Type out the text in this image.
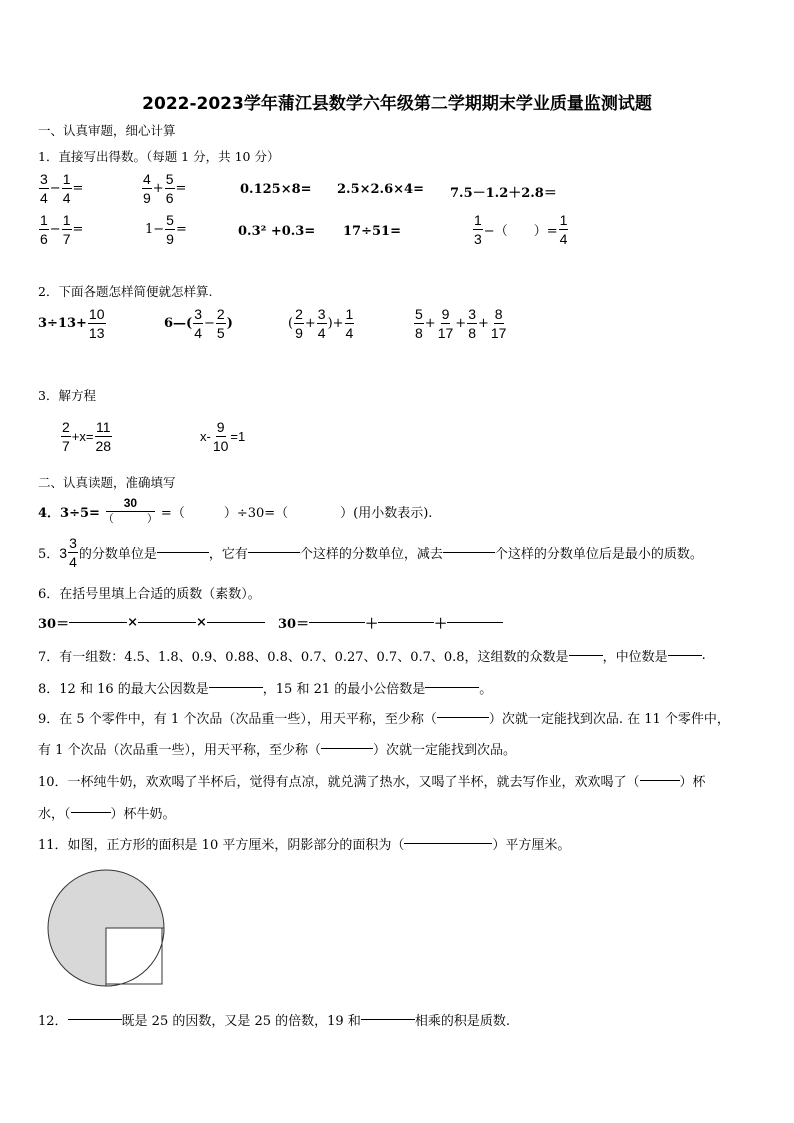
2022-2023学年蒲江县数学六年级第二学期期末学业质量监测试题
一、认真审题，细心计算
1．直接写出得数。（每题 1 分，共 10 分）
$\frac{3}{4} - \frac{1}{4}$ =	$\frac{4}{9} + \frac{5}{6}$ =	0.125×8= 2.5×2.6×4= 7.5－1.2＋2.8＝
$\frac{1}{6} - \frac{1}{7}$ =	$1- \frac{5}{9}$ =	0.3² +0.3= 17÷51=	$\frac{1}{3}$ −（　　）= $\frac{1}{4}$
2．下面各题怎样简便就怎样算.
$3\div 13+ \frac{10}{13}$	6—( $\frac{3}{4} - \frac{2}{5}$ )	( $\frac{2}{9} + \frac{3}{4}$ )+ $\frac{1}{4}$	$\frac{5}{8} + \frac{9}{17} + \frac{3}{8} + \frac{8}{17}$
3．解方程
$\frac{2}{7} +x= \frac{11}{28}$	$x- \frac{9}{10} =1$
二、认真读题，准确填写
4．$3\div 5= \frac{30}{( )}$ =（　　　）÷30=（　　　　）(用小数表示).
5． $3 \frac{3}{4}$ 的分数单位是	，它有	个这样的分数单位，减去	个这样的分数单位后是最小的质数。
6．在括号里填上合适的质数（素数）。
30＝	×	×	30＝	＋	＋
7．有一组数：4.5、1.8、0.9、0.88、0.8、0.7、0.27、0.7、0.7、0.8，这组数的众数是	，中位数是	.
8．12 和 16 的最大公因数是	，15 和 21 的最小公倍数是	。
9．在 5 个零件中，有 1 个次品（次品重一些），用天平称，至少称（	）次就一定能找到次品. 在 11 个零件中，
有 1 个次品（次品重一些），用天平称，至少称（	）次就一定能找到次品。
10．一杯纯牛奶，欢欢喝了半杯后，觉得有点凉，就兑满了热水，又喝了半杯，就去写作业，欢欢喝了（	）杯
水，（	）杯牛奶。
11．如图，正方形的面积是 10 平方厘米，阴影部分的面积为（	）平方厘米。
12．	既是 25 的因数，又是 25 的倍数，19 和	相乘的积是质数.
